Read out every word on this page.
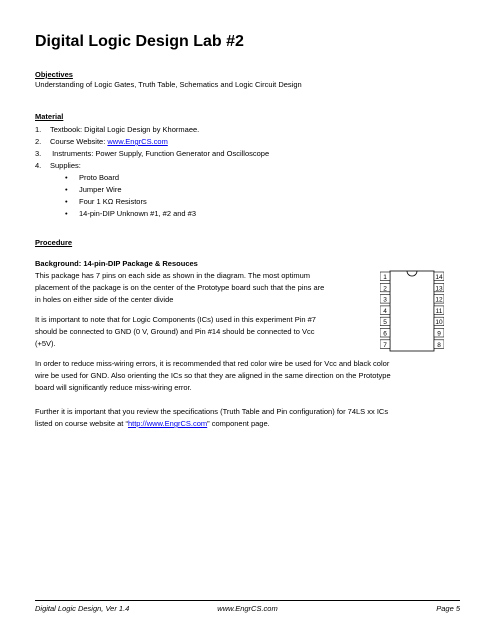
Digital Logic Design Lab #2
Objectives

Understanding of Logic Gates, Truth Table, Schematics and Logic Circuit Design

Material
1. Textbook: Digital Logic Design by Khormaee.
2. Course Website: www.EngrCS.com
3. Instruments: Power Supply, Function Generator and Oscilloscope
4. Supplies:
• Proto Board
• Jumper Wire
• Four 1 KΩ Resistors
• 14-pin-DIP Unknown #1, #2 and #3
Procedure
Background: 14-pin-DIP Package & Resouces
This package has 7 pins on each side as shown in the diagram. The most optimum
placement of the package is on the center of the Prototype board such that the pins are
in holes on either side of the center divide
It is important to note that for Logic Components (ICs) used in this experiment Pin #7
should be connected to GND (0 V, Ground) and Pin #14 should be connected to Vcc
(+5V).
1
2
3
4
5
6
7
14
13
12
11
10
9
8
In order to reduce miss-wiring errors, it is recommended that red color wire be used for Vcc and black color
wire be used for GND. Also orienting the ICs so that they are aligned in the same direction on the Prototype
board will significantly reduce miss-wiring error.
Further it is important that you review the specifications (Truth Table and Pin configuration) for 74LS xx ICs
listed on course website at “http://www.EngrCS.com” component page.
Digital Logic Design, Ver 1.4	www.EngrCS.com	Page 5
